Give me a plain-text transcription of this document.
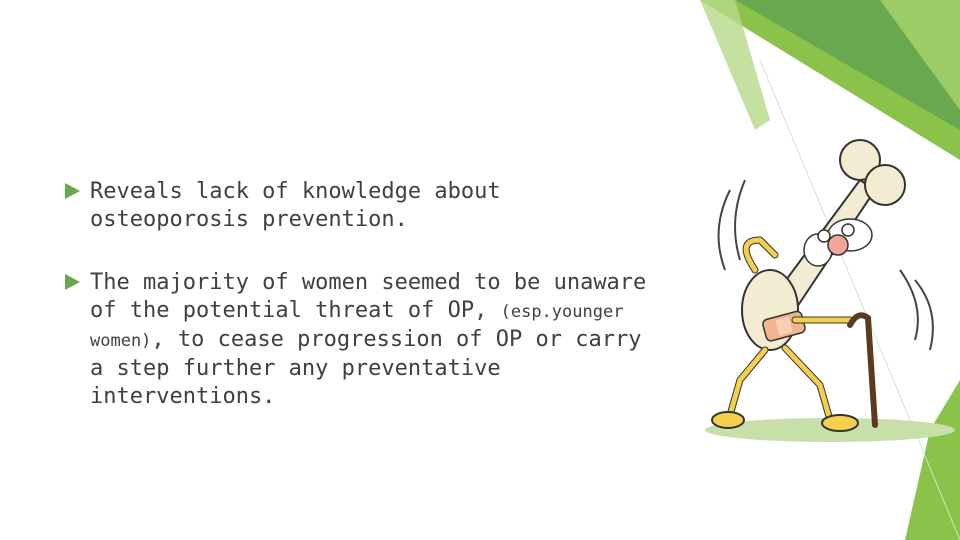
Reveals lack of knowledge about osteoporosis prevention.
The majority of women seemed to be unaware of the potential threat of OP, (esp.younger women), to cease progression of OP or carry a step further any preventative interventions.
